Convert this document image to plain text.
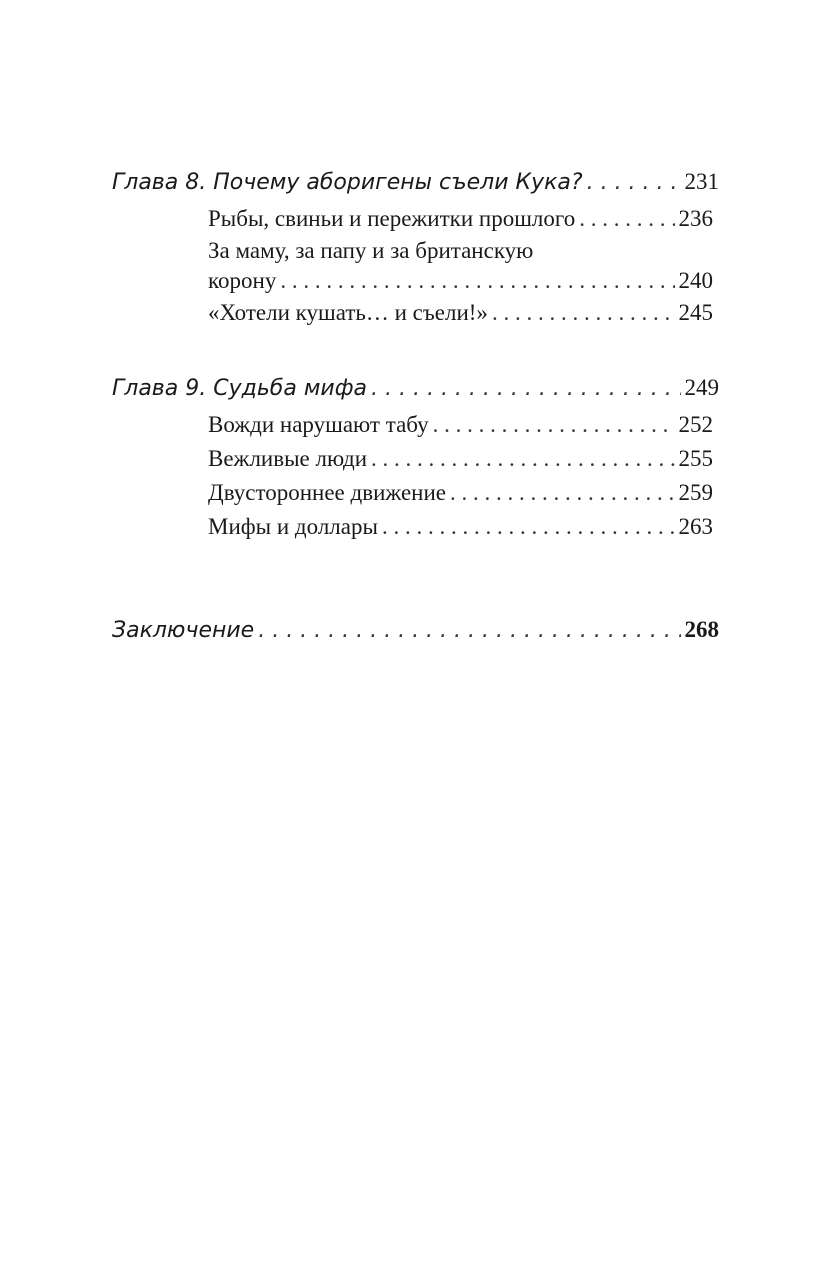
Глава 8. Почему аборигены съели Кука? . . .	231
Рыбы, свиньи и пережитки прошлого . . .	236
За маму, за папу и за британскую
корону . . .	240
«Хотели кушать… и съели!» . . .	245
Глава 9. Судьба мифа . . .	249
Вожди нарушают табу . . .	252
Вежливые люди . . .	255
Двустороннее движение . . .	259
Мифы и доллары . . .	263
Заключение . . .	268
